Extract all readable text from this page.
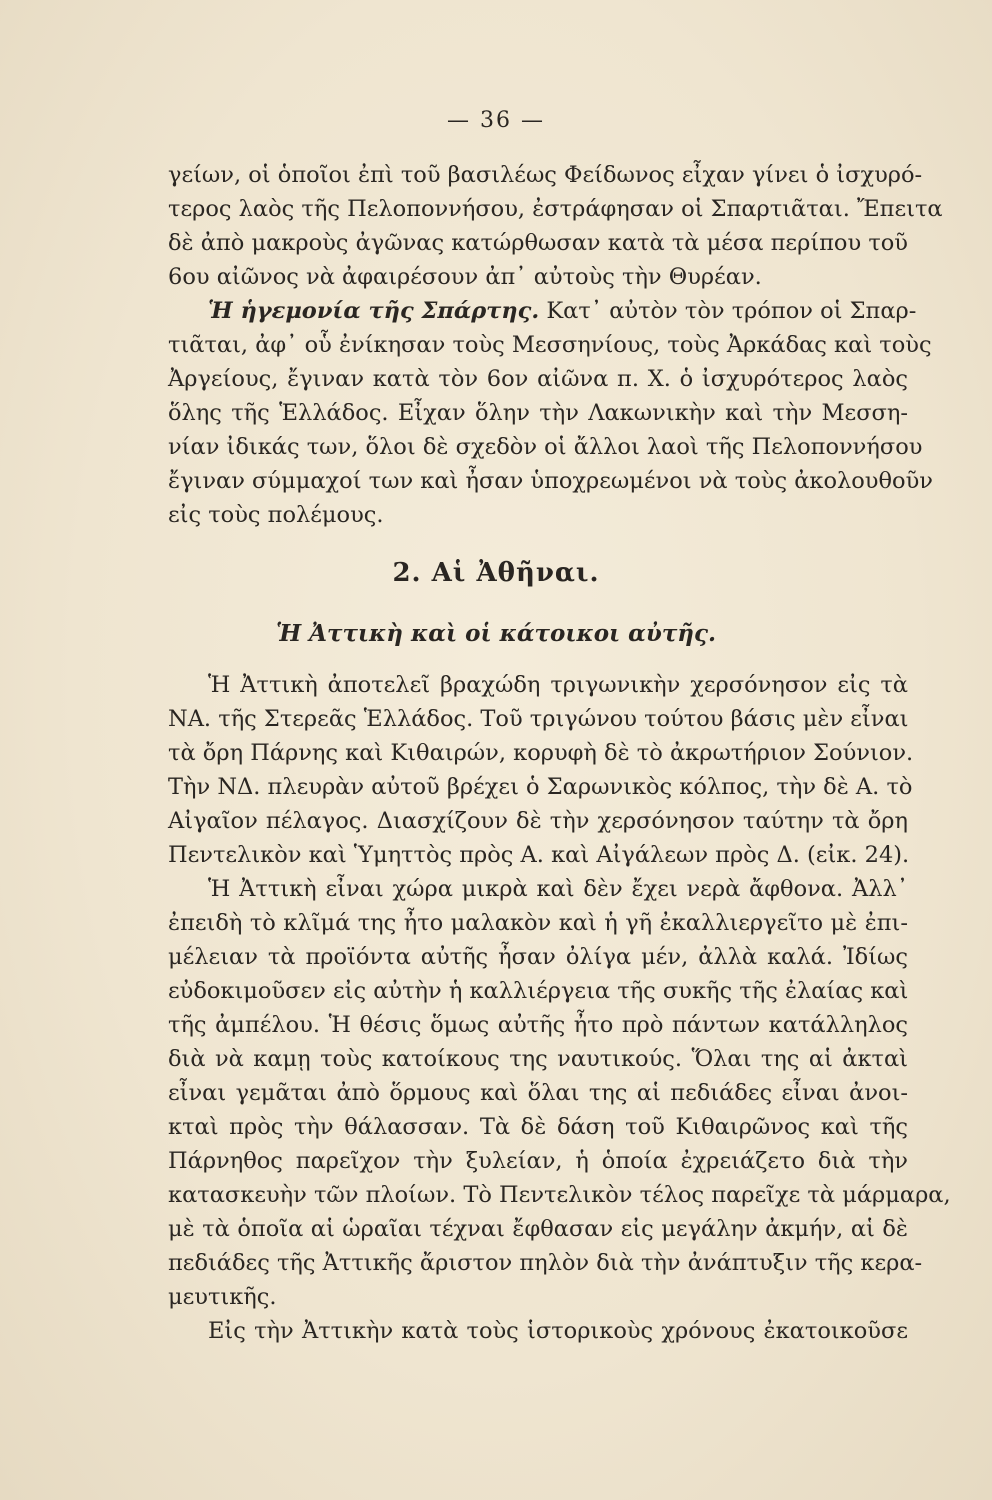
— 36 —
γείων, οἱ ὁποῖοι ἐπὶ τοῦ βασιλέως Φείδωνος εἶχαν γίνει ὁ ἰσχυρό-
τερος λαὸς τῆς Πελοποννήσου, ἐστράφησαν οἱ Σπαρτιᾶται. Ἔπειτα
δὲ ἀπὸ μακροὺς ἀγῶνας κατώρθωσαν κατὰ τὰ μέσα περίπου τοῦ
6ου αἰῶνος νὰ ἀφαιρέσουν ἀπ᾿ αὐτοὺς τὴν Θυρέαν.
Ἡ ἡγεμονία τῆς Σπάρτης. Κατ᾿ αὐτὸν τὸν τρόπον οἱ Σπαρ-
τιᾶται, ἀφ᾿ οὗ ἐνίκησαν τοὺς Μεσσηνίους, τοὺς Ἀρκάδας καὶ τοὺς
Ἀργείους, ἔγιναν κατὰ τὸν 6ον αἰῶνα π. Χ. ὁ ἰσχυρότερος λαὸς
ὅλης τῆς Ἑλλάδος. Εἶχαν ὅλην τὴν Λακωνικὴν καὶ τὴν Μεσση-
νίαν ἰδικάς των, ὅλοι δὲ σχεδὸν οἱ ἄλλοι λαοὶ τῆς Πελοποννήσου
ἔγιναν σύμμαχοί των καὶ ἦσαν ὑποχρεωμένοι νὰ τοὺς ἀκολουθοῦν
εἰς τοὺς πολέμους.
2. Αἱ Ἀθῆναι.
Ἡ Ἀττικὴ καὶ οἱ κάτοικοι αὐτῆς.
Ἡ Ἀττικὴ ἀποτελεῖ βραχώδη τριγωνικὴν χερσόνησον εἰς τὰ
ΝΑ. τῆς Στερεᾶς Ἑλλάδος. Τοῦ τριγώνου τούτου βάσις μὲν εἶναι
τὰ ὄρη Πάρνης καὶ Κιθαιρών, κορυφὴ δὲ τὸ ἀκρωτήριον Σούνιον.
Τὴν ΝΔ. πλευρὰν αὐτοῦ βρέχει ὁ Σαρωνικὸς κόλπος, τὴν δὲ Α. τὸ
Αἰγαῖον πέλαγος. Διασχίζουν δὲ τὴν χερσόνησον ταύτην τὰ ὄρη
Πεντελικὸν καὶ Ὑμηττὸς πρὸς Α. καὶ Αἰγάλεων πρὸς Δ. (εἰκ. 24).
Ἡ Ἀττικὴ εἶναι χώρα μικρὰ καὶ δὲν ἔχει νερὰ ἄφθονα. Ἀλλ᾿
ἐπειδὴ τὸ κλῖμά της ἦτο μαλακὸν καὶ ἡ γῆ ἐκαλλιεργεῖτο μὲ ἐπι-
μέλειαν τὰ προϊόντα αὐτῆς ἦσαν ὀλίγα μέν, ἀλλὰ καλά. Ἰδίως
εὐδοκιμοῦσεν εἰς αὐτὴν ἡ καλλιέργεια τῆς συκῆς τῆς ἐλαίας καὶ
τῆς ἀμπέλου. Ἡ θέσις ὅμως αὐτῆς ἦτο πρὸ πάντων κατάλληλος
διὰ νὰ καμῃ τοὺς κατοίκους της ναυτικούς. Ὅλαι της αἱ ἀκταὶ
εἶναι γεμᾶται ἀπὸ ὅρμους καὶ ὅλαι της αἱ πεδιάδες εἶναι ἀνοι-
κταὶ πρὸς τὴν θάλασσαν. Τὰ δὲ δάση τοῦ Κιθαιρῶνος καὶ τῆς
Πάρνηθος παρεῖχον τὴν ξυλείαν, ἡ ὁποία ἐχρειάζετο διὰ τὴν
κατασκευὴν τῶν πλοίων. Τὸ Πεντελικὸν τέλος παρεῖχε τὰ μάρμαρα,
μὲ τὰ ὁποῖα αἱ ὡραῖαι τέχναι ἔφθασαν εἰς μεγάλην ἀκμήν, αἱ δὲ
πεδιάδες τῆς Ἀττικῆς ἄριστον πηλὸν διὰ τὴν ἀνάπτυξιν τῆς κερα-
μευτικῆς.
Εἰς τὴν Ἀττικὴν κατὰ τοὺς ἱστορικοὺς χρόνους ἐκατοικοῦσε
